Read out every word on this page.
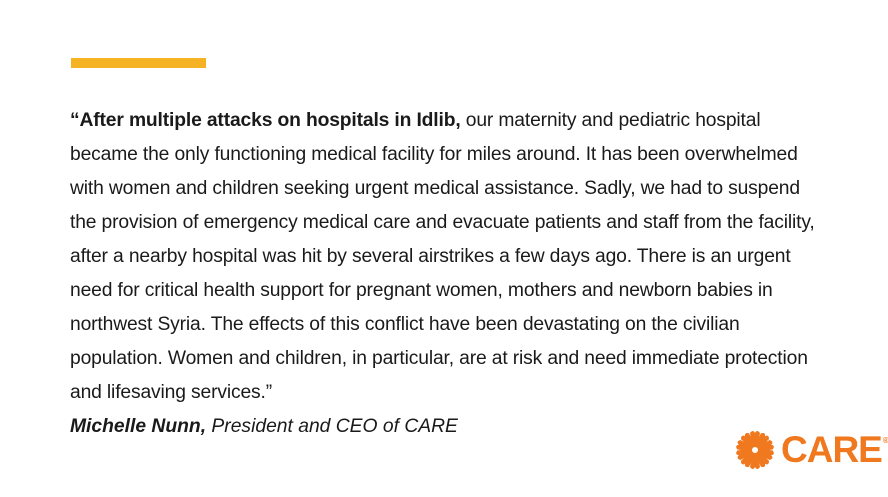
“After multiple attacks on hospitals in Idlib, our maternity and pediatric hospital became the only functioning medical facility for miles around. It has been overwhelmed with women and children seeking urgent medical assistance. Sadly, we had to suspend the provision of emergency medical care and evacuate patients and staff from the facility, after a nearby hospital was hit by several airstrikes a few days ago. There is an urgent need for critical health support for pregnant women, mothers and newborn babies in northwest Syria. The effects of this conflict have been devastating on the civilian population. Women and children, in particular, are at risk and need immediate protection and lifesaving services.”

Michelle Nunn, President and CEO of CARE
CARE®
